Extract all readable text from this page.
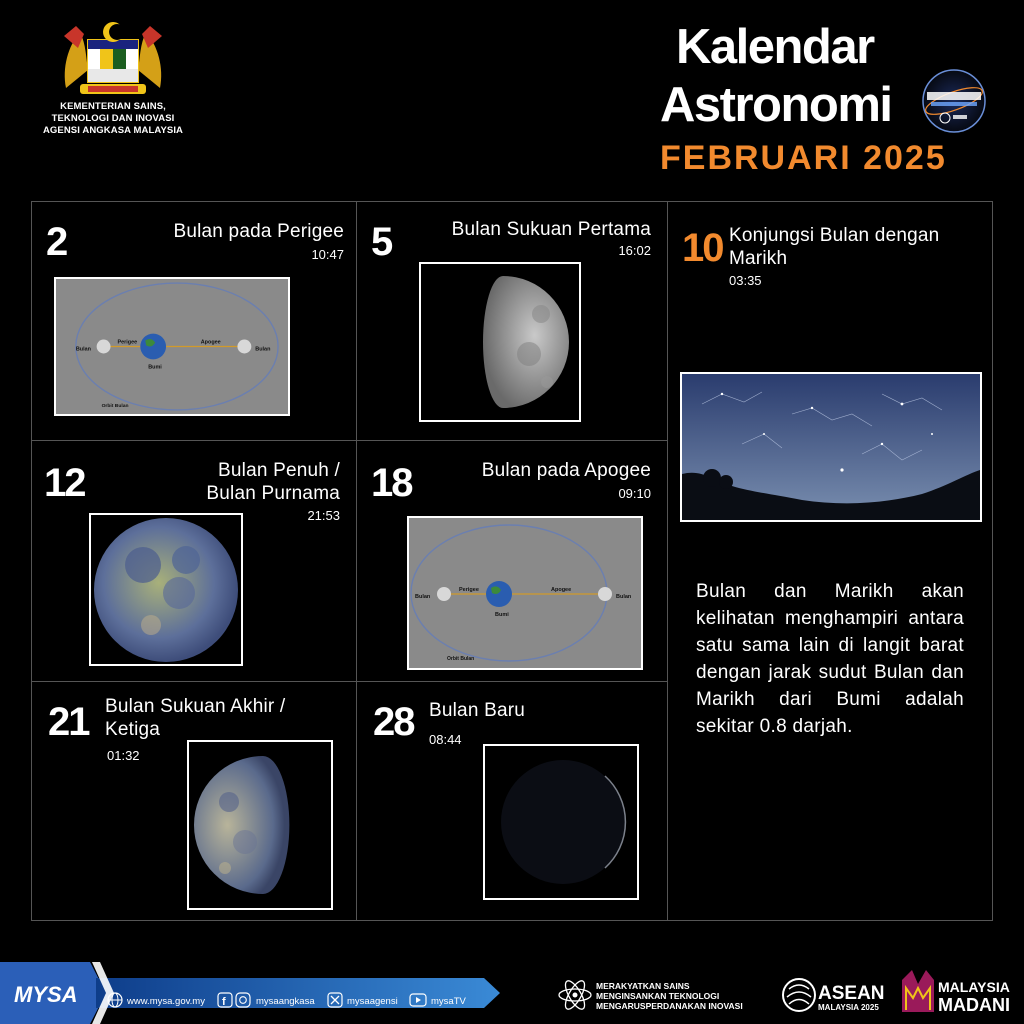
KEMENTERIAN SAINS,
TEKNOLOGI DAN INOVASI
AGENSI ANGKASA MALAYSIA
Kalendar
Astronomi
FEBRUARI 2025
2	Bulan pada Perigee
10:47
Bulan
Perigee
Bumi
Apogee
Bulan
Orbit Bulan
5	Bulan Sukuan Pertama
16:02 10 Konjungsi Bulan dengan
Marikh
03:35
Bulan dan Marikh akan kelihatan menghampiri antara satu sama lain di langit barat dengan jarak sudut Bulan dan Marikh dari Bumi adalah sekitar 0.8 darjah.
12	Bulan Penuh /
Bulan Purnama
21:53
18	Bulan pada Apogee
09:10
Bulan
Perigee
Bumi
Apogee
Bulan
Orbit Bulan
21 Bulan Sukuan Akhir /
Ketiga
01:32
28 Bulan Baru
08:44
MYSA	www.mysa.gov.my f	mysaangkasa	mysaagensi	mysaTV
MERAKYATKAN SAINS MENGINSANKAN TEKNOLOGI MENGARUSPERDANAKAN INOVASI
ASEAN
MALAYSIA 2025
MALAYSIA
MADANI
